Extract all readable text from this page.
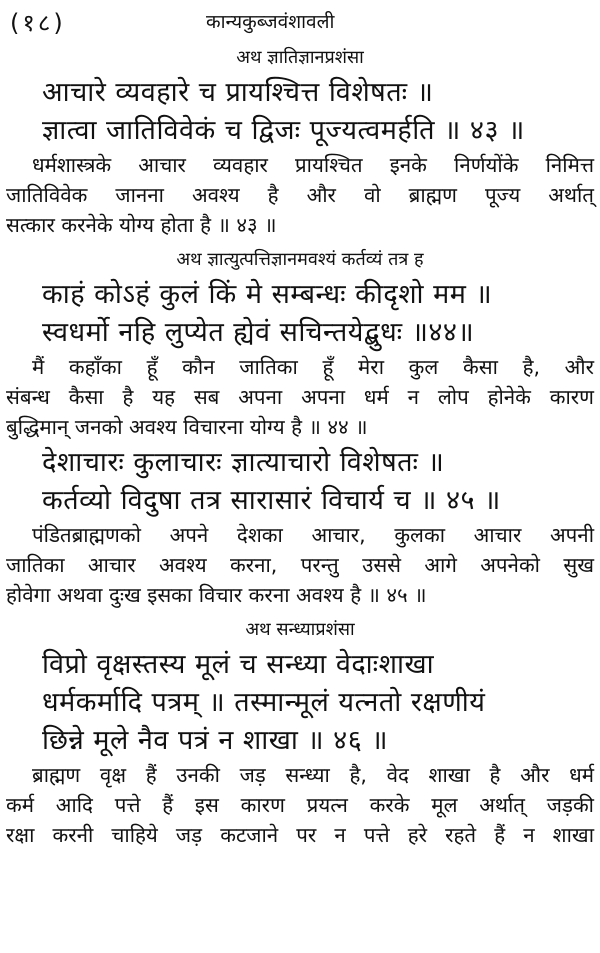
(१८)	कान्यकुब्जवंशावली
अथ ज्ञातिज्ञानप्रशंसा
आचारे व्यवहारे च प्रायश्चित्त विशेषतः ॥
ज्ञात्वा जातिविवेकं च द्विजः पूज्यत्वमर्हति ॥ ४३ ॥
धर्मशास्त्रके आचार व्यवहार प्रायश्चित इनके निर्णयोंके निमित्त
जातिविवेक जानना अवश्य है और वो ब्राह्मण पूज्य अर्थात्
सत्कार करनेके योग्य होता है ॥ ४३ ॥
अथ ज्ञात्युत्पत्तिज्ञानमवश्यं कर्तव्यं तत्र ह
काहं कोऽहं कुलं किं मे सम्बन्धः कीदृशो मम ॥
स्वधर्मो नहि लुप्येत ह्येवं सचिन्तयेद्बुधः ॥४४॥
मैं कहाँका हूँ कौन जातिका हूँ मेरा कुल कैसा है, और
संबन्ध कैसा है यह सब अपना अपना धर्म न लोप होनेके कारण
बुद्धिमान् जनको अवश्य विचारना योग्य है ॥ ४४ ॥
देशाचारः कुलाचारः ज्ञात्याचारो विशेषतः ॥
कर्तव्यो विदुषा तत्र सारासारं विचार्य च ॥ ४५ ॥
पंडितब्राह्मणको अपने देशका आचार, कुलका आचार अपनी
जातिका आचार अवश्य करना, परन्तु उससे आगे अपनेको सुख
होवेगा अथवा दुःख इसका विचार करना अवश्य है ॥ ४५ ॥
अथ सन्ध्याप्रशंसा
विप्रो वृक्षस्तस्य मूलं च सन्ध्या वेदाःशाखा
धर्मकर्मादि पत्रम् ॥ तस्मान्मूलं यत्नतो रक्षणीयं
छिन्ने मूले नैव पत्रं न शाखा ॥ ४६ ॥
ब्राह्मण वृक्ष हैं उनकी जड़ सन्ध्या है, वेद शाखा है और धर्म
कर्म आदि पत्ते हैं इस कारण प्रयत्न करके मूल अर्थात् जड़की
रक्षा करनी चाहिये जड़ कटजाने पर न पत्ते हरे रहते हैं न शाखा
